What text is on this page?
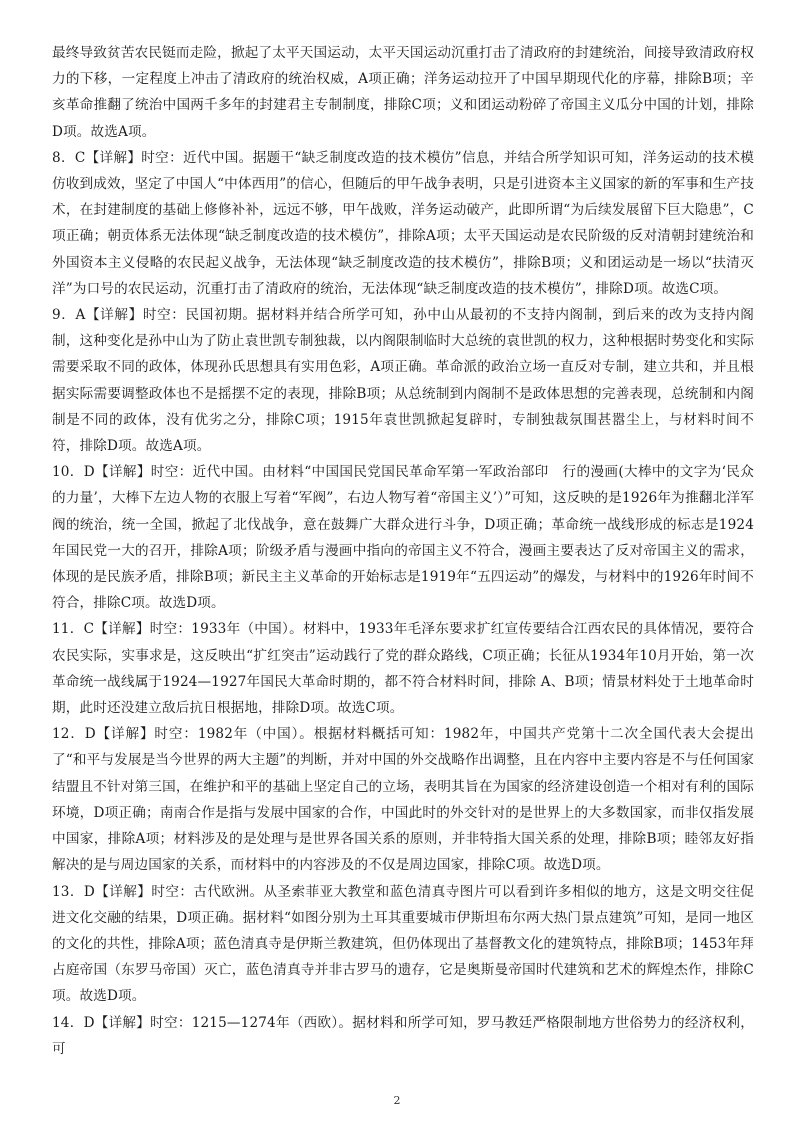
最终导致贫苦农民铤而走险，掀起了太平天国运动，太平天国运动沉重打击了清政府的封建统治，间接导致清政府权力的下移，一定程度上冲击了清政府的统治权威，A项正确；洋务运动拉开了中国早期现代化的序幕，排除B项；辛亥革命推翻了统治中国两千多年的封建君主专制制度，排除C项；义和团运动粉碎了帝国主义瓜分中国的计划，排除D项。故选A项。

8．C【详解】时空：近代中国。据题干“缺乏制度改造的技术模仿”信息，并结合所学知识可知，洋务运动的技术模仿收到成效，坚定了中国人“中体西用”的信心，但随后的甲午战争表明，只是引进资本主义国家的新的军事和生产技术，在封建制度的基础上修修补补，远远不够，甲午战败，洋务运动破产，此即所谓“为后续发展留下巨大隐患”，C项正确；朝贡体系无法体现“缺乏制度改造的技术模仿”，排除A项；太平天国运动是农民阶级的反对清朝封建统治和外国资本主义侵略的农民起义战争，无法体现“缺乏制度改造的技术模仿”，排除B项；义和团运动是一场以“扶清灭洋”为口号的农民运动，沉重打击了清政府的统治，无法体现“缺乏制度改造的技术模仿”，排除D项。故选C项。

9．A【详解】时空：民国初期。据材料并结合所学可知，孙中山从最初的不支持内阁制，到后来的改为支持内阁制，这种变化是孙中山为了防止袁世凯专制独裁，以内阁限制临时大总统的袁世凯的权力，这种根据时势变化和实际需要采取不同的政体，体现孙氏思想具有实用色彩，A项正确。革命派的政治立场一直反对专制，建立共和，并且根据实际需要调整政体也不是摇摆不定的表现，排除B项；从总统制到内阁制不是政体思想的完善表现，总统制和内阁制是不同的政体，没有优劣之分，排除C项；1915年袁世凯掀起复辟时，专制独裁氛围甚嚣尘上，与材料时间不符，排除D项。故选A项。

10．D【详解】时空：近代中国。由材料“中国国民党国民革命军第一军政治部印　行的漫画(大棒中的文字为‘民众的力量’，大棒下左边人物的衣服上写着“军阀”，右边人物写着“帝国主义’）”可知，这反映的是1926年为推翻北洋军阀的统治，统一全国，掀起了北伐战争，意在鼓舞广大群众进行斗争，D项正确；革命统一战线形成的标志是1924年国民党一大的召开，排除A项；阶级矛盾与漫画中指向的帝国主义不符合，漫画主要表达了反对帝国主义的需求，体现的是民族矛盾，排除B项；新民主主义革命的开始标志是1919年“五四运动”的爆发，与材料中的1926年时间不符合，排除C项。故选D项。

11．C【详解】时空：1933年（中国）。材料中，1933年毛泽东要求扩红宣传要结合江西农民的具体情况，要符合农民实际，实事求是，这反映出“扩红突击”运动践行了党的群众路线，C项正确；长征从1934年10月开始，第一次革命统一战线属于1924—1927年国民大革命时期的，都不符合材料时间，排除 A、B项；情景材料处于土地革命时期，此时还没建立敌后抗日根据地，排除D项。故选C项。

12．D【详解】时空：1982年（中国）。根据材料概括可知：1982年，中国共产党第十二次全国代表大会提出了“和平与发展是当今世界的两大主题”的判断，并对中国的外交战略作出调整，且在内容中主要内容是不与任何国家结盟且不针对第三国，在维护和平的基础上坚定自己的立场，表明其旨在为国家的经济建设创造一个相对有利的国际环境，D项正确；南南合作是指与发展中国家的合作，中国此时的外交针对的是世界上的大多数国家，而非仅指发展中国家，排除A项；材料涉及的是处理与是世界各国关系的原则，并非特指大国关系的处理，排除B项；睦邻友好指解决的是与周边国家的关系，而材料中的内容涉及的不仅是周边国家，排除C项。故选D项。

13．D【详解】时空：古代欧洲。从圣索菲亚大教堂和蓝色清真寺图片可以看到许多相似的地方，这是文明交往促进文化交融的结果，D项正确。据材料“如图分别为土耳其重要城市伊斯坦布尔两大热门景点建筑”可知，是同一地区的文化的共性，排除A项；蓝色清真寺是伊斯兰教建筑，但仍体现出了基督教文化的建筑特点，排除B项；1453年拜占庭帝国（东罗马帝国）灭亡，蓝色清真寺并非古罗马的遗存，它是奥斯曼帝国时代建筑和艺术的辉煌杰作，排除C项。故选D项。

14．D【详解】时空：1215—1274年（西欧）。据材料和所学可知，罗马教廷严格限制地方世俗势力的经济权利，可

2
